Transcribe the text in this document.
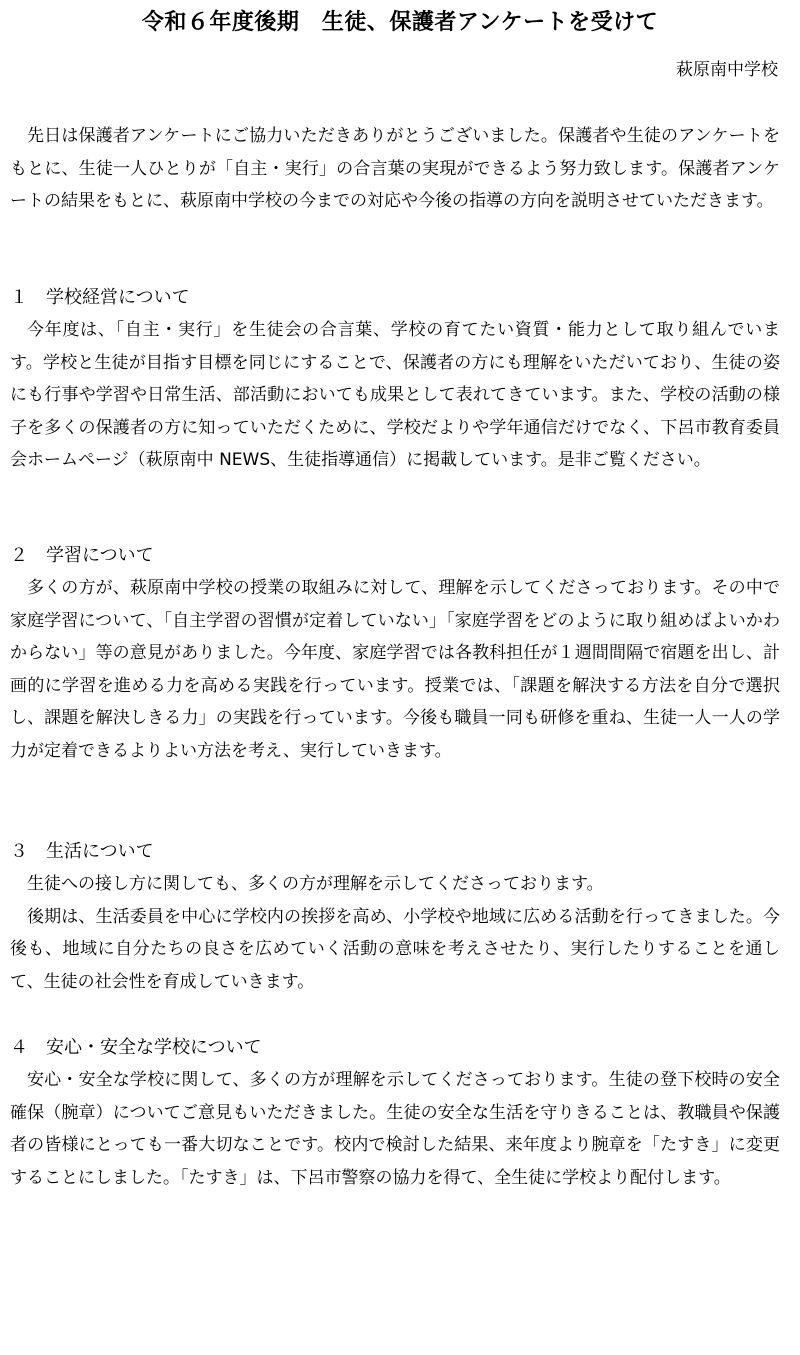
令和６年度後期　生徒、保護者アンケートを受けて
萩原南中学校

先日は保護者アンケートにご協力いただきありがとうございました。保護者や生徒のアンケートをもとに、生徒一人ひとりが「自主・実行」の合言葉の実現ができるよう努力致します。保護者アンケートの結果をもとに、萩原南中学校の今までの対応や今後の指導の方向を説明させていただきます。

１ 学校経営について

今年度は、「自主・実行」を生徒会の合言葉、学校の育てたい資質・能力として取り組んでいます。学校と生徒が目指す目標を同じにすることで、保護者の方にも理解をいただいており、生徒の姿にも行事や学習や日常生活、部活動においても成果として表れてきています。また、学校の活動の様子を多くの保護者の方に知っていただくために、学校だよりや学年通信だけでなく、下呂市教育委員会ホームページ（萩原南中 NEWS、生徒指導通信）に掲載しています。是非ご覧ください。

２ 学習について

多くの方が、萩原南中学校の授業の取組みに対して、理解を示してくださっております。その中で家庭学習について、「自主学習の習慣が定着していない」「家庭学習をどのように取り組めばよいかわからない」等の意見がありました。今年度、家庭学習では各教科担任が１週間間隔で宿題を出し、計画的に学習を進める力を高める実践を行っています。授業では、「課題を解決する方法を自分で選択し、課題を解決しきる力」の実践を行っています。今後も職員一同も研修を重ね、生徒一人一人の学力が定着できるよりよい方法を考え、実行していきます。

３ 生活について

生徒への接し方に関しても、多くの方が理解を示してくださっております。

後期は、生活委員を中心に学校内の挨拶を高め、小学校や地域に広める活動を行ってきました。今後も、地域に自分たちの良さを広めていく活動の意味を考えさせたり、実行したりすることを通して、生徒の社会性を育成していきます。

４ 安心・安全な学校について

安心・安全な学校に関して、多くの方が理解を示してくださっております。生徒の登下校時の安全確保（腕章）についてご意見もいただきました。生徒の安全な生活を守りきることは、教職員や保護者の皆様にとっても一番大切なことです。校内で検討した結果、来年度より腕章を「たすき」に変更することにしました。「たすき」は、下呂市警察の協力を得て、全生徒に学校より配付します。
